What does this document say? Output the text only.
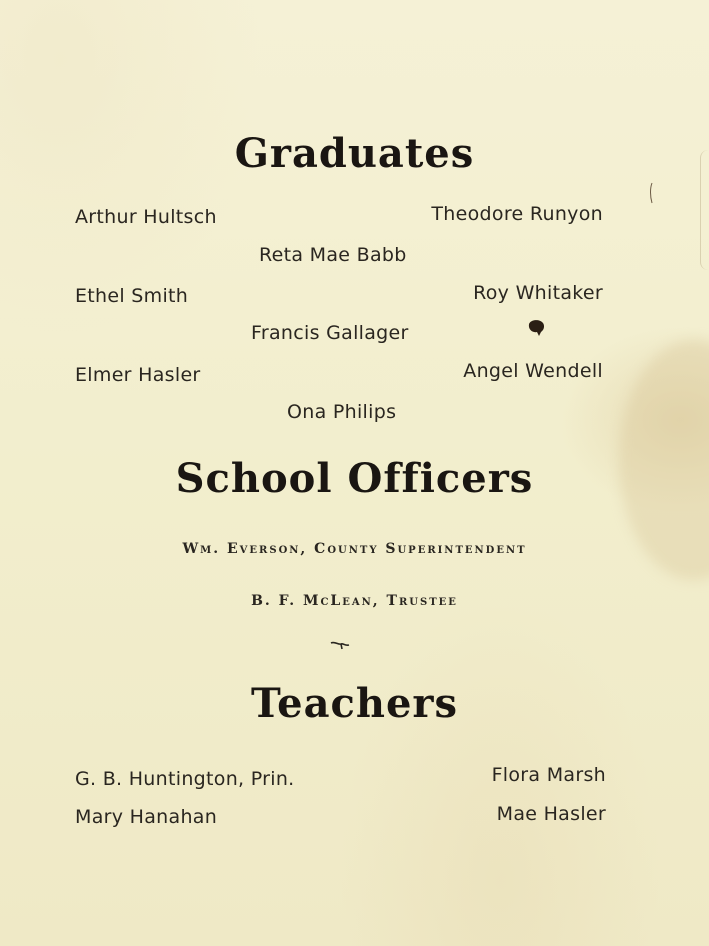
Graduates
Arthur Hultsch	Theodore Runyon
Reta Mae Babb
Ethel Smith	Roy Whitaker
Francis Gallager
Elmer Hasler	Angel Wendell
Ona Philips
School Officers
Wm. Everson, County Superintendent
B. F. McLean, Trustee
Teachers
G. B. Huntington, Prin.	Flora Marsh
Mary Hanahan	Mae Hasler
